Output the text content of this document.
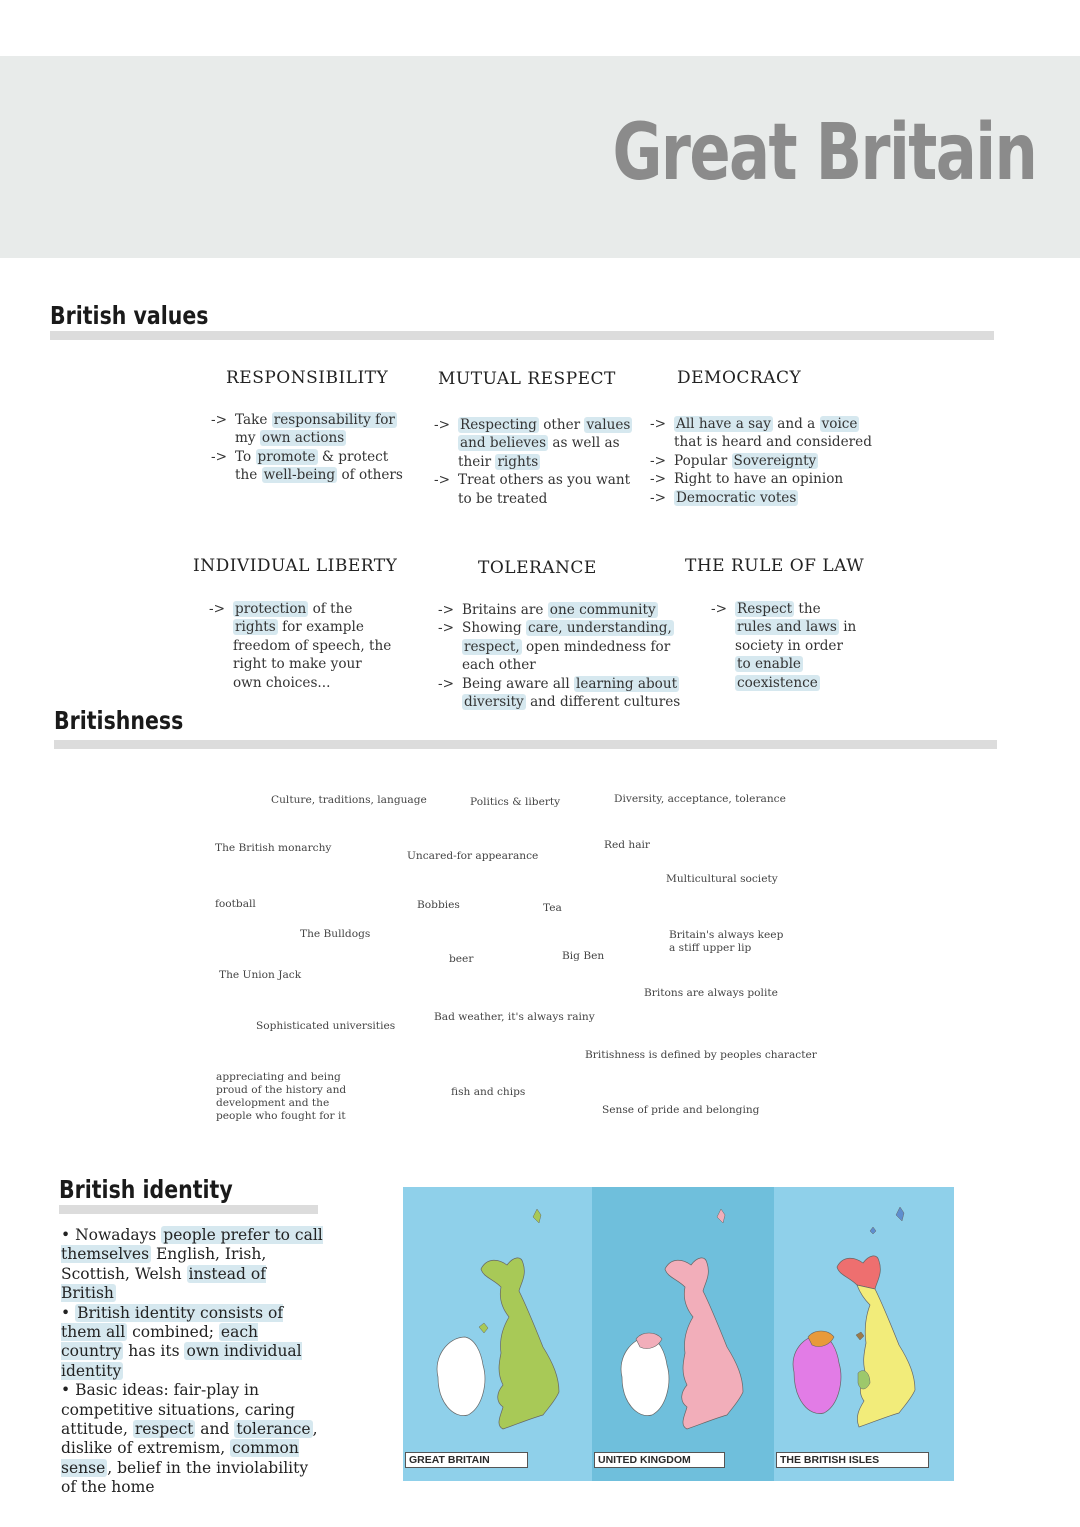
Great Britain
British values
RESPONSIBILITY
->Take responsability for
my own actions
->To promote & protect
the well-being of others
MUTUAL RESPECT
->Respecting other values
and believes as well as
their rights
->Treat others as you want
to be treated
DEMOCRACY
->All have a say and a voice
that is heard and considered
->Popular Sovereignty
->Right to have an opinion
->Democratic votes
INDIVIDUAL LIBERTY
->protection of the
rights for example
freedom of speech, the
right to make your
own choices...
TOLERANCE
->Britains are one community
->Showing care, understanding,
respect, open mindedness for
each other
->Being aware all learning about
diversity and different cultures
THE RULE OF LAW
->Respect the
rules and laws in
society in order
to enable
coexistence
Britishness
Culture, traditions, language	Politics & liberty	Diversity, acceptance, tolerance
The British monarchy
Uncared-for appearance
Red hair
Multicultural society
football	Bobbies	Tea
The Bulldogs	Britain's always keep a stiff upper lip
beer	Big Ben
The Union Jack
Britons are always polite
Bad weather, it's always rainy
Sophisticated universities
Britishness is defined by peoples character
appreciating and being proud of the history and development and the people who fought for it
fish and chips
Sense of pride and belonging
British identity

• Nowadays people prefer to call themselves English, Irish, Scottish, Welsh instead of British

• British identity consists of them all combined; each country has its own individual identity

• Basic ideas: fair-play in competitive situations, caring attitude, respect and tolerance , dislike of extremism, common sense , belief in the inviolability of the home

GREAT BRITAIN	UNITED KINGDOM	THE BRITISH ISLES
